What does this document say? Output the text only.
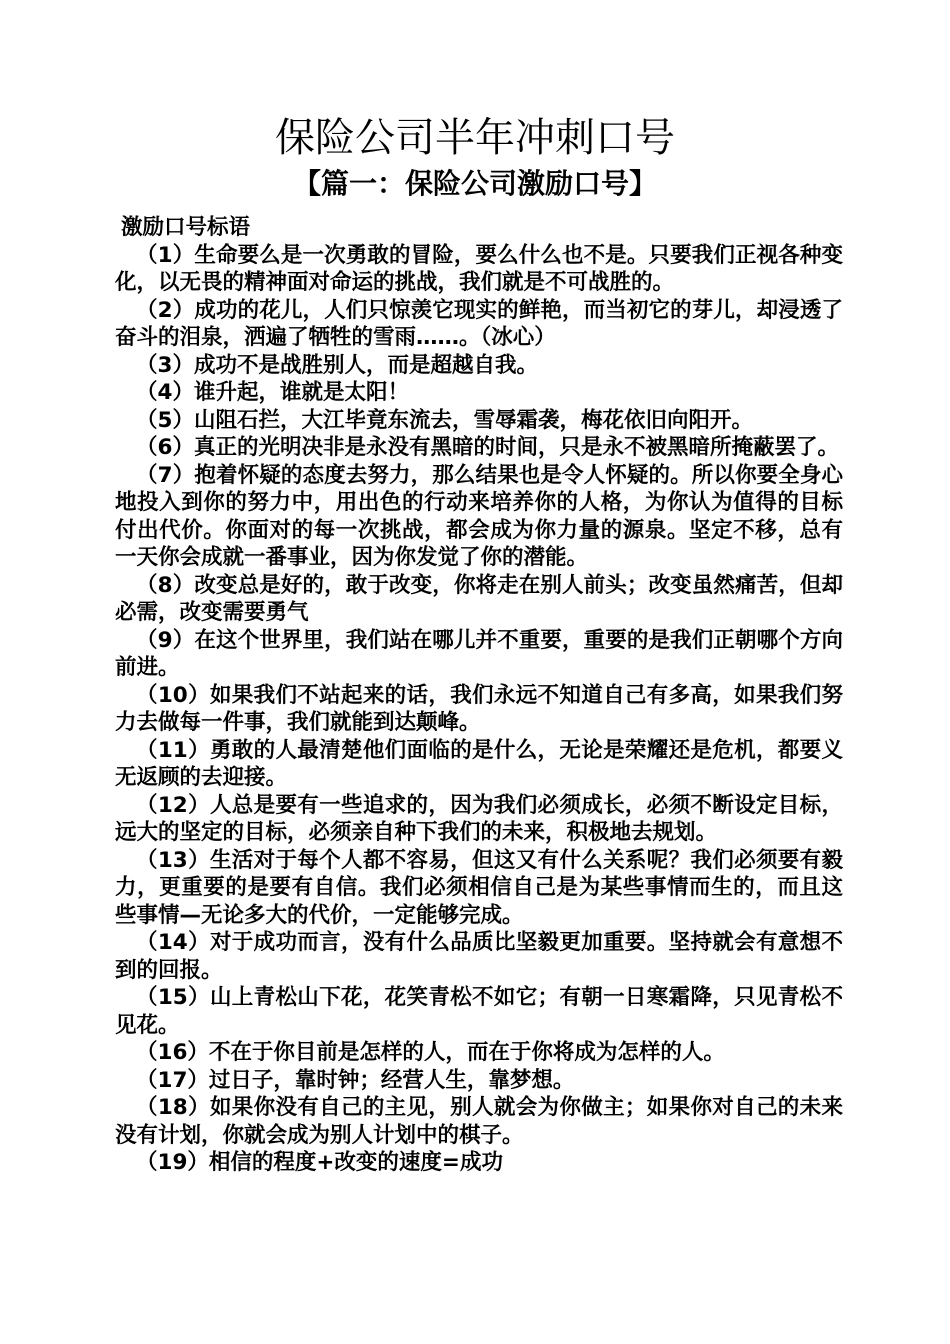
保险公司半年冲刺口号
【篇一：保险公司激励口号】

激励口号标语

（1）生命要么是一次勇敢的冒险，要么什么也不是。只要我们正视各种变化，以无畏的精神面对命运的挑战，我们就是不可战胜的。

（2）成功的花儿，人们只惊羡它现实的鲜艳，而当初它的芽儿，却浸透了奋斗的泪泉，洒遍了牺牲的雪雨……。（冰心）

（3）成功不是战胜别人，而是超越自我。

（4）谁升起，谁就是太阳！

（5）山阻石拦，大江毕竟东流去，雪辱霜袭，梅花依旧向阳开。

（6）真正的光明决非是永没有黑暗的时间，只是永不被黑暗所掩蔽罢了。

（7）抱着怀疑的态度去努力，那么结果也是令人怀疑的。所以你要全身心地投入到你的努力中，用出色的行动来培养你的人格，为你认为值得的目标付出代价。你面对的每一次挑战，都会成为你力量的源泉。坚定不移，总有一天你会成就一番事业，因为你发觉了你的潜能。

（8）改变总是好的，敢于改变，你将走在别人前头；改变虽然痛苦，但却必需，改变需要勇气

（9）在这个世界里，我们站在哪儿并不重要，重要的是我们正朝哪个方向前进。

（10）如果我们不站起来的话，我们永远不知道自己有多高，如果我们努力去做每一件事，我们就能到达颠峰。

（11）勇敢的人最清楚他们面临的是什么，无论是荣耀还是危机，都要义无返顾的去迎接。

（12）人总是要有一些追求的，因为我们必须成长，必须不断设定目标，远大的坚定的目标，必须亲自种下我们的未来，积极地去规划。

（13）生活对于每个人都不容易，但这又有什么关系呢？我们必须要有毅力，更重要的是要有自信。我们必须相信自己是为某些事情而生的，而且这些事情—无论多大的代价，一定能够完成。

（14）对于成功而言，没有什么品质比坚毅更加重要。坚持就会有意想不到的回报。

（15）山上青松山下花，花笑青松不如它；有朝一日寒霜降，只见青松不见花。

（16）不在于你目前是怎样的人，而在于你将成为怎样的人。

（17）过日子，靠时钟；经营人生，靠梦想。

（18）如果你没有自己的主见，别人就会为你做主；如果你对自己的未来没有计划，你就会成为别人计划中的棋子。

（19）相信的程度+改变的速度=成功
